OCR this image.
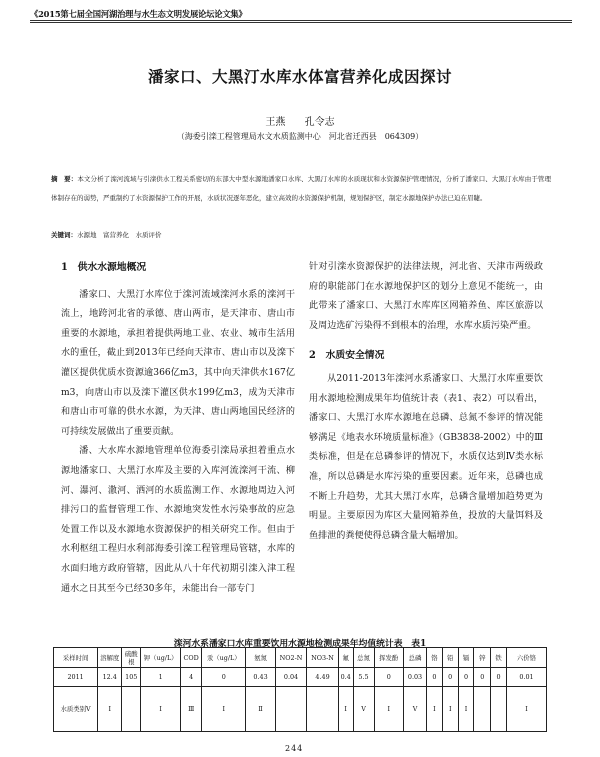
《2015第七届全国河湖治理与水生态文明发展论坛论文集》
潘家口、大黑汀水库水体富营养化成因探讨
王燕 孔令志
（海委引滦工程管理局水文水质监测中心　河北省迁西县　064309）

摘　要：本文分析了滦河流域与引滦供水工程关系密切的东部大中型水源地潘家口水库、大黑汀水库的水质现状和水资源保护管理情况，分析了潘家口、大黑汀水库由于管理体制存在的弱势，严重制约了水资源保护工作的开展，水质状况逐年恶化，建立高效的水资源保护机制，规划保护区，制定水源地保护办法已迫在眉睫。

关键词：水源地　富营养化　水质评价

1　供水水源地概况

潘家口、大黑汀水库位于滦河流域滦河水系的滦河干流上，地跨河北省的承德、唐山两市，是天津市、唐山市重要的水源地，承担着提供两地工业、农业、城市生活用水的重任，截止到2013年已经向天津市、唐山市以及滦下灌区提供优质水资源逾366亿m3，其中向天津供水167亿m3，向唐山市以及滦下灌区供水199亿m3，成为天津市和唐山市可靠的供水水源，为天津、唐山两地国民经济的可持续发展做出了重要贡献。

潘、大水库水源地管理单位海委引滦局承担着重点水源地潘家口、大黑汀水库及主要的入库河流滦河干流、柳河、瀑河、潵河、洒河的水质监测工作、水源地周边入河排污口的监督管理工作、水源地突发性水污染事故的应急处置工作以及水源地水资源保护的相关研究工作。但由于水利枢纽工程归水利部海委引滦工程管理局管辖，水库的水面归地方政府管辖，因此从八十年代初期引滦入津工程通水之日其至今已经30多年，未能出台一部专门

针对引滦水资源保护的法律法规，河北省、天津市两级政府的职能部门在水源地保护区的划分上意见不能统一，由此带来了潘家口、大黑汀水库库区网箱养鱼、库区旅游以及周边选矿污染得不到根本的治理，水库水质污染严重。

2　水质安全情况

从2011-2013年滦河水系潘家口、大黑汀水库重要饮用水源地检测成果年均值统计表（表1、表2）可以看出，潘家口、大黑汀水库水源地在总磷、总氮不参评的情况能够满足《地表水环境质量标准》（GB3838-2002）中的Ⅲ类标准，但是在总磷参评的情况下，水质仅达到Ⅳ类水标准，所以总磷是水库污染的重要因素。近年来，总磷也成不断上升趋势，尤其大黑汀水库，总磷含量增加趋势更为明显。主要原因为库区大量网箱养鱼，投放的大量饵料及鱼排泄的粪便使得总磷含量大幅增加。

滦河水系潘家口水库重要饮用水源地检测成果年均值统计表　表1
采样时间	溶解度	硫酸根	钾（ug/L）	COD	汞（ug/L）	氨氮	NO2-N	NO3-N	氟	总氮	挥发酚	总磷	铬	铅	镉	锌	铁	六价铬
2011	12.4	105	1	4	0	0.43	0.04	4.49	0.4	5.5	0	0.03	0	0	0	0	0	0.01
水质类别Ⅴ	Ⅰ		Ⅰ	Ⅲ	Ⅰ	Ⅱ			Ⅰ	Ⅴ	Ⅰ	Ⅴ	Ⅰ	Ⅰ	Ⅰ			Ⅰ
244
